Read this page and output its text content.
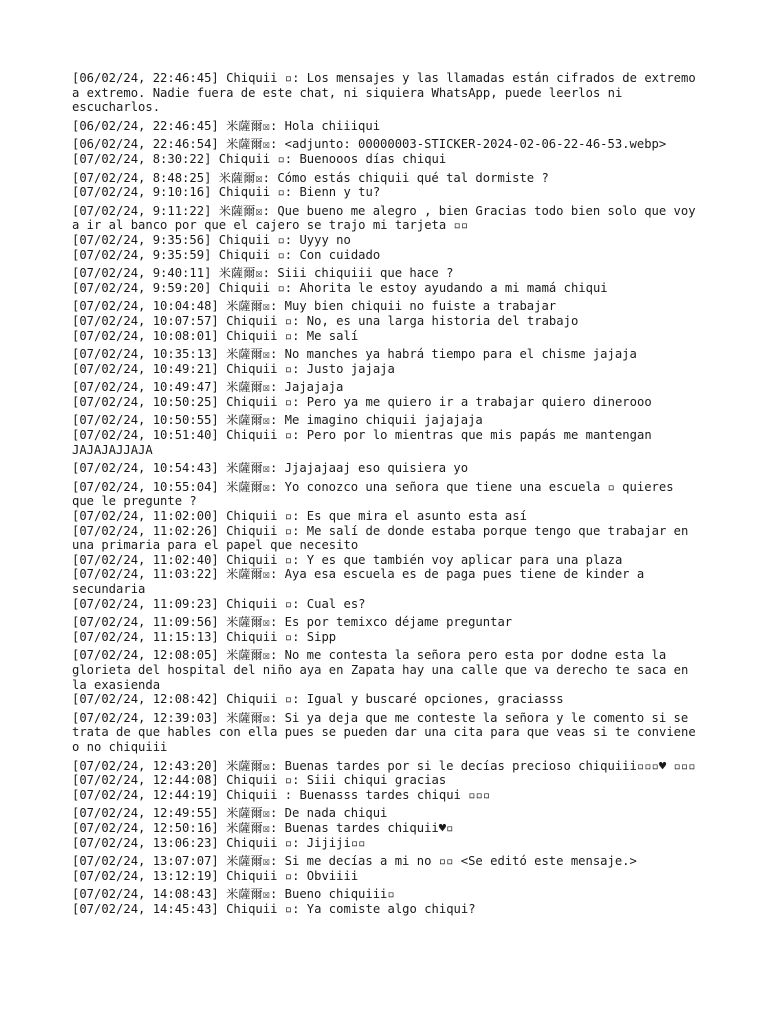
[06/02/24, 22:46:45] Chiquii ▫: Los mensajes y las llamadas están cifrados de extremo a extremo. Nadie fuera de este chat, ni siquiera WhatsApp, puede leerlos ni escucharlos.

[06/02/24, 22:46:45] 米薩爾☒: Hola chiiiqui

[06/02/24, 22:46:54] 米薩爾☒: <adjunto: 00000003-STICKER-2024-02-06-22-46-53.webp>

[07/02/24, 8:30:22] Chiquii ▫: Buenooos días chiqui

[07/02/24, 8:48:25] 米薩爾☒: Cómo estás chiquii qué tal dormiste ?

[07/02/24, 9:10:16] Chiquii ▫: Bienn y tu?

[07/02/24, 9:11:22] 米薩爾☒: Que bueno me alegro , bien Gracias todo bien solo que voy a ir al banco por que el cajero se trajo mi tarjeta ▫▫

[07/02/24, 9:35:56] Chiquii ▫: Uyyy no

[07/02/24, 9:35:59] Chiquii ▫: Con cuidado

[07/02/24, 9:40:11] 米薩爾☒: Siii chiquiii que hace ?

[07/02/24, 9:59:20] Chiquii ▫: Ahorita le estoy ayudando a mi mamá chiqui

[07/02/24, 10:04:48] 米薩爾☒: Muy bien chiquii no fuiste a trabajar

[07/02/24, 10:07:57] Chiquii ▫: No, es una larga historia del trabajo

[07/02/24, 10:08:01] Chiquii ▫: Me salí

[07/02/24, 10:35:13] 米薩爾☒: No manches ya habrá tiempo para el chisme jajaja

[07/02/24, 10:49:21] Chiquii ▫: Justo jajaja

[07/02/24, 10:49:47] 米薩爾☒: Jajajaja

[07/02/24, 10:50:25] Chiquii ▫: Pero ya me quiero ir a trabajar quiero dinerooo

[07/02/24, 10:50:55] 米薩爾☒: Me imagino chiquii jajajaja

[07/02/24, 10:51:40] Chiquii ▫: Pero por lo mientras que mis papás me mantengan JAJAJAJJAJA

[07/02/24, 10:54:43] 米薩爾☒: Jjajajaaj eso quisiera yo

[07/02/24, 10:55:04] 米薩爾☒: Yo conozco una señora que tiene una escuela ▫ quieres que le pregunte ?

[07/02/24, 11:02:00] Chiquii ▫: Es que mira el asunto esta así

[07/02/24, 11:02:26] Chiquii ▫: Me salí de donde estaba porque tengo que trabajar en una primaria para el papel que necesito

[07/02/24, 11:02:40] Chiquii ▫: Y es que también voy aplicar para una plaza

[07/02/24, 11:03:22] 米薩爾☒: Aya esa escuela es de paga pues tiene de kinder a secundaria

[07/02/24, 11:09:23] Chiquii ▫: Cual es?

[07/02/24, 11:09:56] 米薩爾☒: Es por temixco déjame preguntar

[07/02/24, 11:15:13] Chiquii ▫: Sipp

[07/02/24, 12:08:05] 米薩爾☒: No me contesta la señora pero esta por dodne esta la glorieta del hospital del niño aya en Zapata hay una calle que va derecho te saca en la exasienda

[07/02/24, 12:08:42] Chiquii ▫: Igual y buscaré opciones, graciasss

[07/02/24, 12:39:03] 米薩爾☒: Si ya deja que me conteste la señora y le comento si se trata de que hables con ella pues se pueden dar una cita para que veas si te conviene o no chiquiii

[07/02/24, 12:43:20] 米薩爾☒: Buenas tardes por si le decías precioso chiquiii▫▫▫♥ ▫▫▫

[07/02/24, 12:44:08] Chiquii ▫: Siii chiqui gracias

[07/02/24, 12:44:19] Chiquii : Buenasss tardes chiqui ▫▫▫

[07/02/24, 12:49:55] 米薩爾☒: De nada chiqui

[07/02/24, 12:50:16] 米薩爾☒: Buenas tardes chiquii♥▫

[07/02/24, 13:06:23] Chiquii ▫: Jijiji▫▫

[07/02/24, 13:07:07] 米薩爾☒: Si me decías a mi no ▫▫ <Se editó este mensaje.>

[07/02/24, 13:12:19] Chiquii ▫: Obviiii

[07/02/24, 14:08:43] 米薩爾☒: Bueno chiquiii▫

[07/02/24, 14:45:43] Chiquii ▫: Ya comiste algo chiqui?
